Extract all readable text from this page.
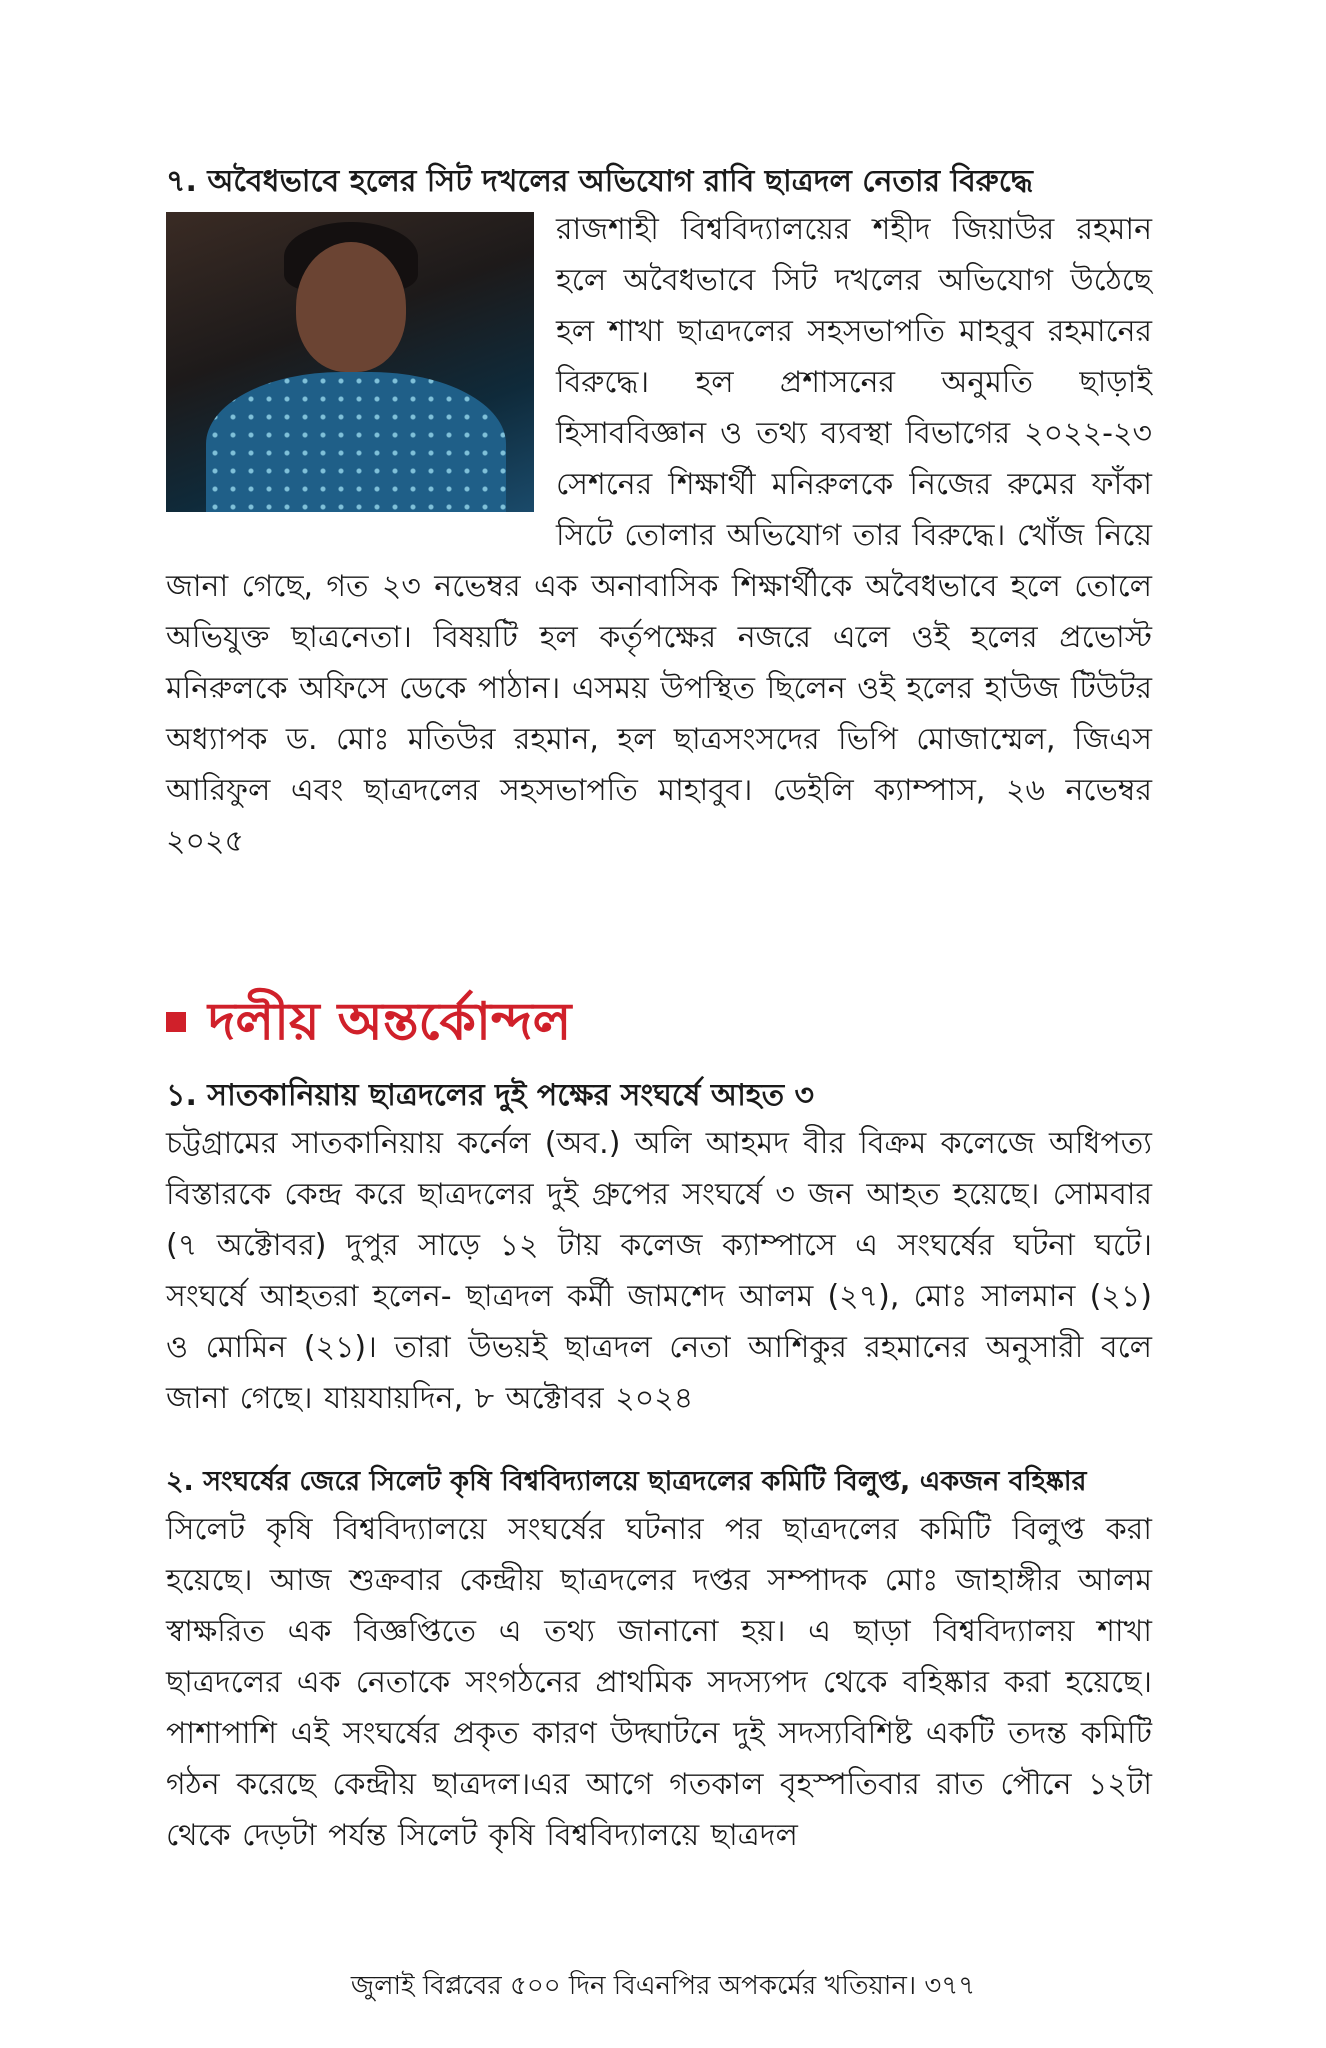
৭. অবৈধভাবে হলের সিট দখলের অভিযোগ রাবি ছাত্রদল নেতার বিরুদ্ধে

রাজশাহী বিশ্ববিদ্যালয়ের শহীদ জিয়াউর রহমান হলে অবৈধভাবে সিট দখলের অভিযোগ উঠেছে হল শাখা ছাত্রদলের সহসভাপতি মাহবুব রহমানের বিরুদ্ধে। হল প্রশাসনের অনুমতি ছাড়াই হিসাববিজ্ঞান ও তথ্য ব্যবস্থা বিভাগের ২০২২-২৩ সেশনের শিক্ষার্থী মনিরুলকে নিজের রুমের ফাঁকা সিটে তোলার অভিযোগ তার বিরুদ্ধে। খোঁজ নিয়ে জানা গেছে, গত ২৩ নভেম্বর এক অনাবাসিক শিক্ষার্থীকে অবৈধভাবে হলে তোলে অভিযুক্ত ছাত্রনেতা। বিষয়টি হল কর্তৃপক্ষের নজরে এলে ওই হলের প্রভোস্ট মনিরুলকে অফিসে ডেকে পাঠান। এসময় উপস্থিত ছিলেন ওই হলের হাউজ টিউটর অধ্যাপক ড. মোঃ মতিউর রহমান, হল ছাত্রসংসদের ভিপি মোজাম্মেল, জিএস আরিফুল এবং ছাত্রদলের সহসভাপতি মাহাবুব। ডেইলি ক্যাম্পাস, ২৬ নভেম্বর ২০২৫

দলীয় অন্তর্কোন্দল
১. সাতকানিয়ায় ছাত্রদলের দুই পক্ষের সংঘর্ষে আহত ৩

চট্টগ্রামের সাতকানিয়ায় কর্নেল (অব.) অলি আহমদ বীর বিক্রম কলেজে অধিপত্য বিস্তারকে কেন্দ্র করে ছাত্রদলের দুই গ্রুপের সংঘর্ষে ৩ জন আহত হয়েছে। সোমবার (৭ অক্টোবর) দুপুর সাড়ে ১২ টায় কলেজ ক্যাম্পাসে এ সংঘর্ষের ঘটনা ঘটে। সংঘর্ষে আহতরা হলেন- ছাত্রদল কর্মী জামশেদ আলম (২৭), মোঃ সালমান (২১) ও মোমিন (২১)। তারা উভয়ই ছাত্রদল নেতা আশিকুর রহমানের অনুসারী বলে জানা গেছে। যায়যায়দিন, ৮ অক্টোবর ২০২৪

২. সংঘর্ষের জেরে সিলেট কৃষি বিশ্ববিদ্যালয়ে ছাত্রদলের কমিটি বিলুপ্ত, একজন বহিষ্কার

সিলেট কৃষি বিশ্ববিদ্যালয়ে সংঘর্ষের ঘটনার পর ছাত্রদলের কমিটি বিলুপ্ত করা হয়েছে। আজ শুক্রবার কেন্দ্রীয় ছাত্রদলের দপ্তর সম্পাদক মোঃ জাহাঙ্গীর আলম স্বাক্ষরিত এক বিজ্ঞপ্তিতে এ তথ্য জানানো হয়। এ ছাড়া বিশ্ববিদ্যালয় শাখা ছাত্রদলের এক নেতাকে সংগঠনের প্রাথমিক সদস্যপদ থেকে বহিষ্কার করা হয়েছে। পাশাপাশি এই সংঘর্ষের প্রকৃত কারণ উদ্ঘাটনে দুই সদস্যবিশিষ্ট একটি তদন্ত কমিটি গঠন করেছে কেন্দ্রীয় ছাত্রদল।এর আগে গতকাল বৃহস্পতিবার রাত পৌনে ১২টা থেকে দেড়টা পর্যন্ত সিলেট কৃষি বিশ্ববিদ্যালয়ে ছাত্রদল

জুলাই বিপ্লবের ৫০০ দিন বিএনপির অপকর্মের খতিয়ান। ৩৭৭
